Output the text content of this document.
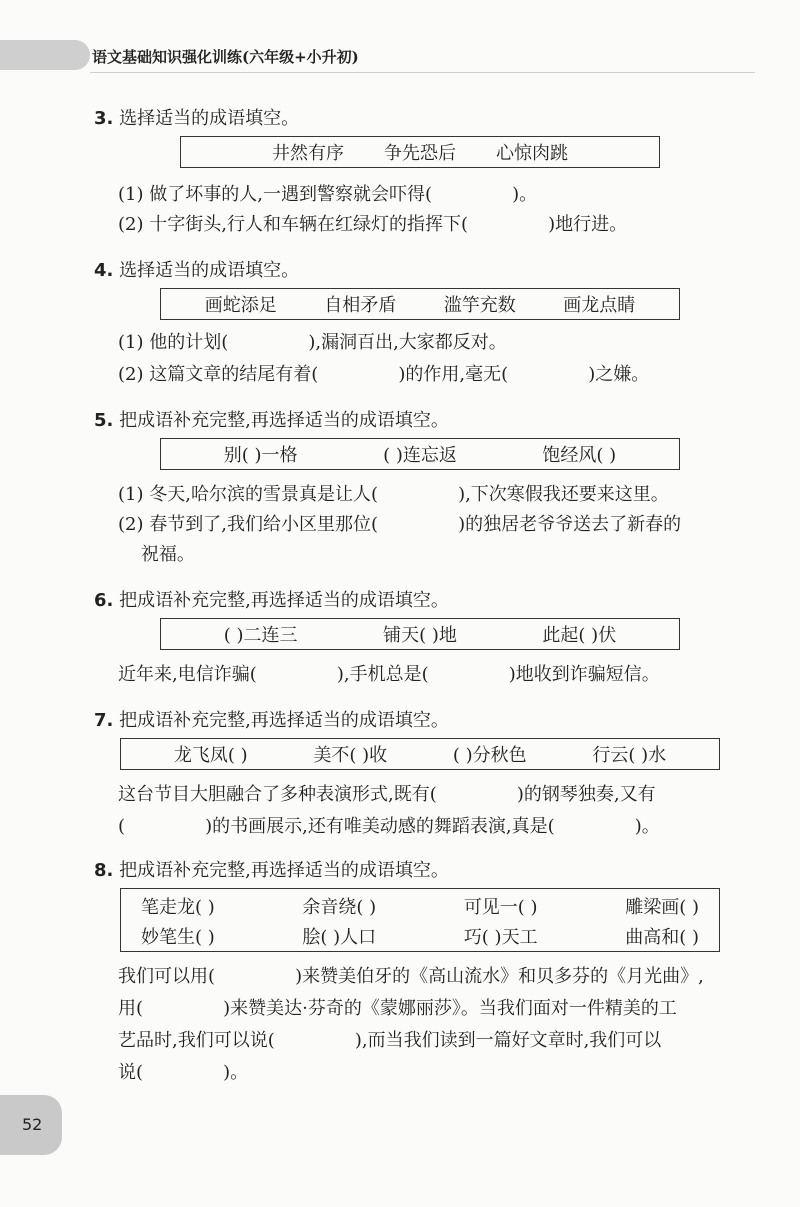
语文基础知识强化训练(六年级+小升初)
3. 选择适当的成语填空。
井然有序 争先恐后 心惊肉跳
(1) 做了坏事的人,一遇到警察就会吓得(              )。
(2) 十字街头,行人和车辆在红绿灯的指挥下(              )地行进。
4. 选择适当的成语填空。
画蛇添足	自相矛盾	滥竽充数	画龙点睛
(1) 他的计划(              ),漏洞百出,大家都反对。
(2) 这篇文章的结尾有着(              )的作用,毫无(              )之嫌。
5. 把成语补充完整,再选择适当的成语填空。
别( )一格	( )连忘返	饱经风( )
(1) 冬天,哈尔滨的雪景真是让人(              ),下次寒假我还要来这里。
(2) 春节到了,我们给小区里那位(              )的独居老爷爷送去了新春的
祝福。
6. 把成语补充完整,再选择适当的成语填空。
( )二连三	铺天( )地	此起( )伏
近年来,电信诈骗(              ),手机总是(              )地收到诈骗短信。
7. 把成语补充完整,再选择适当的成语填空。
龙飞凤( )	美不( )收	( )分秋色	行云( )水
这台节目大胆融合了多种表演形式,既有(              )的钢琴独奏,又有
(              )的书画展示,还有唯美动感的舞蹈表演,真是(              )。
8. 把成语补充完整,再选择适当的成语填空。
笔走龙( )	余音绕( )	可见一( )	雕梁画( )
妙笔生( )	脍( )人口	巧( )天工	曲高和( )
我们可以用(              )来赞美伯牙的《高山流水》和贝多芬的《月光曲》,
用(              )来赞美达·芬奇的《蒙娜丽莎》。当我们面对一件精美的工
艺品时,我们可以说(              ),而当我们读到一篇好文章时,我们可以
说(              )。
52
